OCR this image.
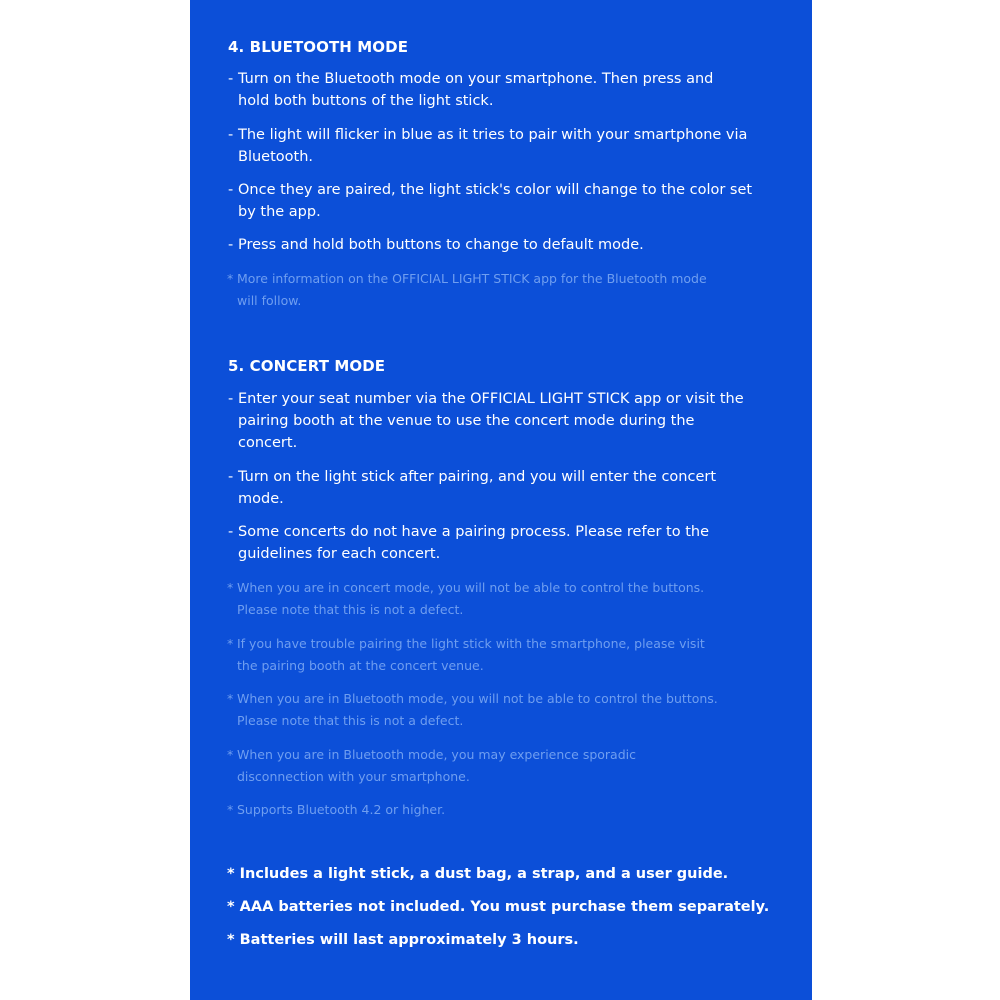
4. BLUETOOTH MODE
- Turn on the Bluetooth mode on your smartphone. Then press and
hold both buttons of the light stick.
- The light will flicker in blue as it tries to pair with your smartphone via
Bluetooth.
- Once they are paired, the light stick's color will change to the color set
by the app.
- Press and hold both buttons to change to default mode.
* More information on the OFFICIAL LIGHT STICK app for the Bluetooth mode
will follow.
5. CONCERT MODE
- Enter your seat number via the OFFICIAL LIGHT STICK app or visit the
pairing booth at the venue to use the concert mode during the
concert.
- Turn on the light stick after pairing, and you will enter the concert
mode.
- Some concerts do not have a pairing process. Please refer to the
guidelines for each concert.
* When you are in concert mode, you will not be able to control the buttons.
Please note that this is not a defect.
* If you have trouble pairing the light stick with the smartphone, please visit
the pairing booth at the concert venue.
* When you are in Bluetooth mode, you will not be able to control the buttons.
Please note that this is not a defect.
* When you are in Bluetooth mode, you may experience sporadic
disconnection with your smartphone.
* Supports Bluetooth 4.2 or higher.
* Includes a light stick, a dust bag, a strap, and a user guide.
* AAA batteries not included. You must purchase them separately.
* Batteries will last approximately 3 hours.
